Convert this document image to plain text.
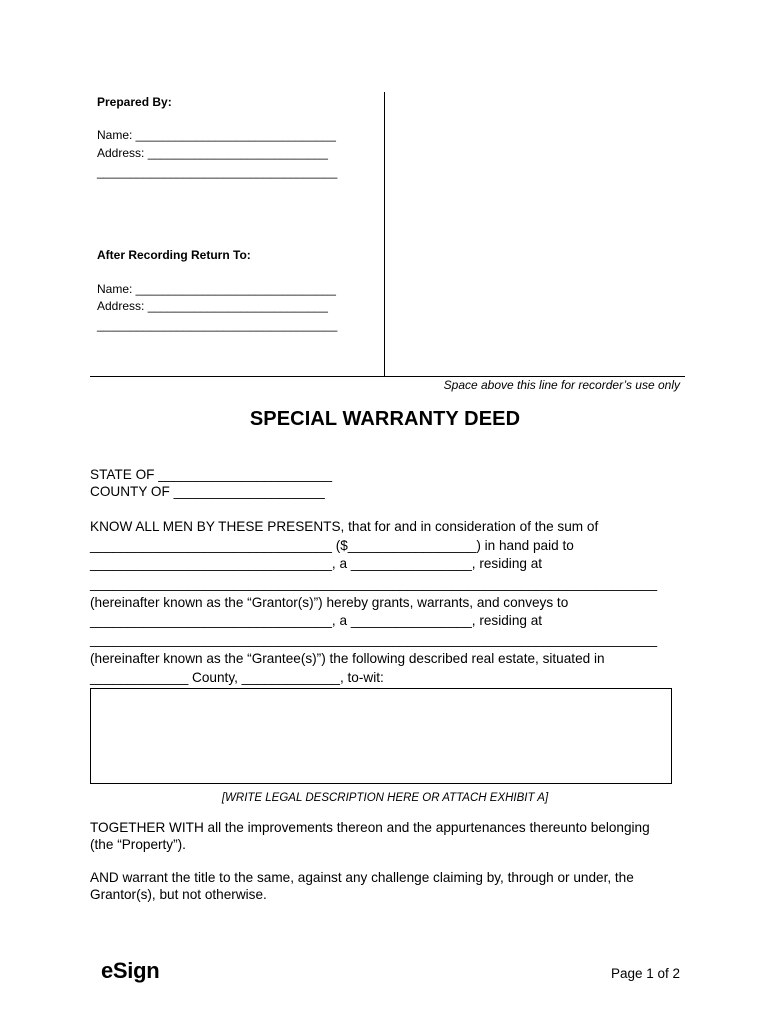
Prepared By:
Name: ______________________________
Address: ___________________________
____________________________________
After Recording Return To:
Name: ______________________________
Address: ___________________________
____________________________________
Space above this line for recorder’s use only
SPECIAL WARRANTY DEED
STATE OF _______________________
COUNTY OF ____________________
KNOW ALL MEN BY THESE PRESENTS, that for and in consideration of the sum of
________________________________ ($_________________) in hand paid to
________________________________, a ________________, residing at
___________________________________________________________________________
(hereinafter known as the “Grantor(s)”) hereby grants, warrants, and conveys to
________________________________, a ________________, residing at
___________________________________________________________________________
(hereinafter known as the “Grantee(s)”) the following described real estate, situated in
_____________ County, _____________, to-wit:
[WRITE LEGAL DESCRIPTION HERE OR ATTACH EXHIBIT A]
TOGETHER WITH all the improvements thereon and the appurtenances thereunto belonging
(the “Property”).
AND warrant the title to the same, against any challenge claiming by, through or under, the
Grantor(s), but not otherwise.
eSign	Page 1 of 2
